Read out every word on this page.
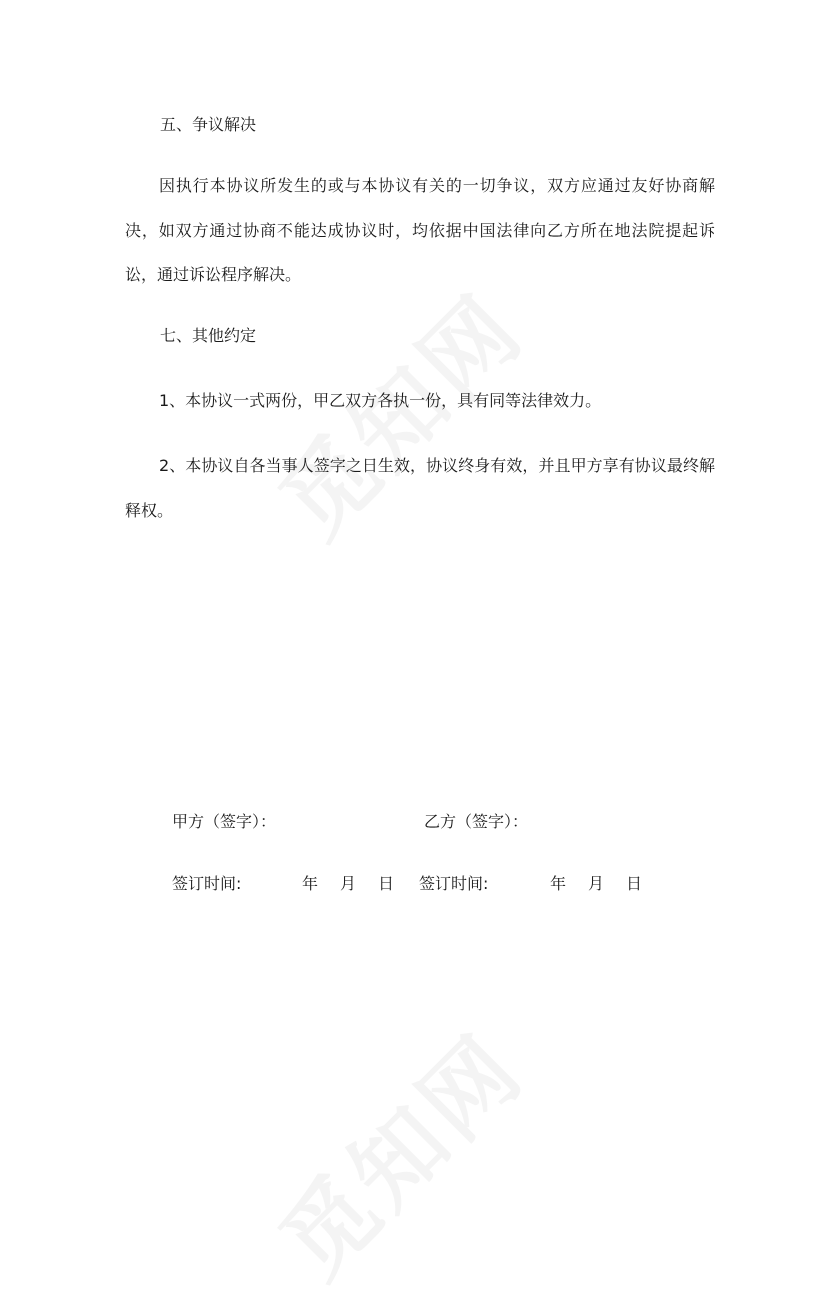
五、争议解决

因执行本协议所发生的或与本协议有关的一切争议，双方应通过友好协商解决，如双方通过协商不能达成协议时，均依据中国法律向乙方所在地法院提起诉讼，通过诉讼程序解决。

七、其他约定

1、本协议一式两份，甲乙双方各执一份，具有同等法律效力。

2、本协议自各当事人签字之日生效，协议终身有效，并且甲方享有协议最终解释权。

甲方（签字）：	乙方（签字）：
签订时间:	年 月 日 签订时间:	年 月 日
